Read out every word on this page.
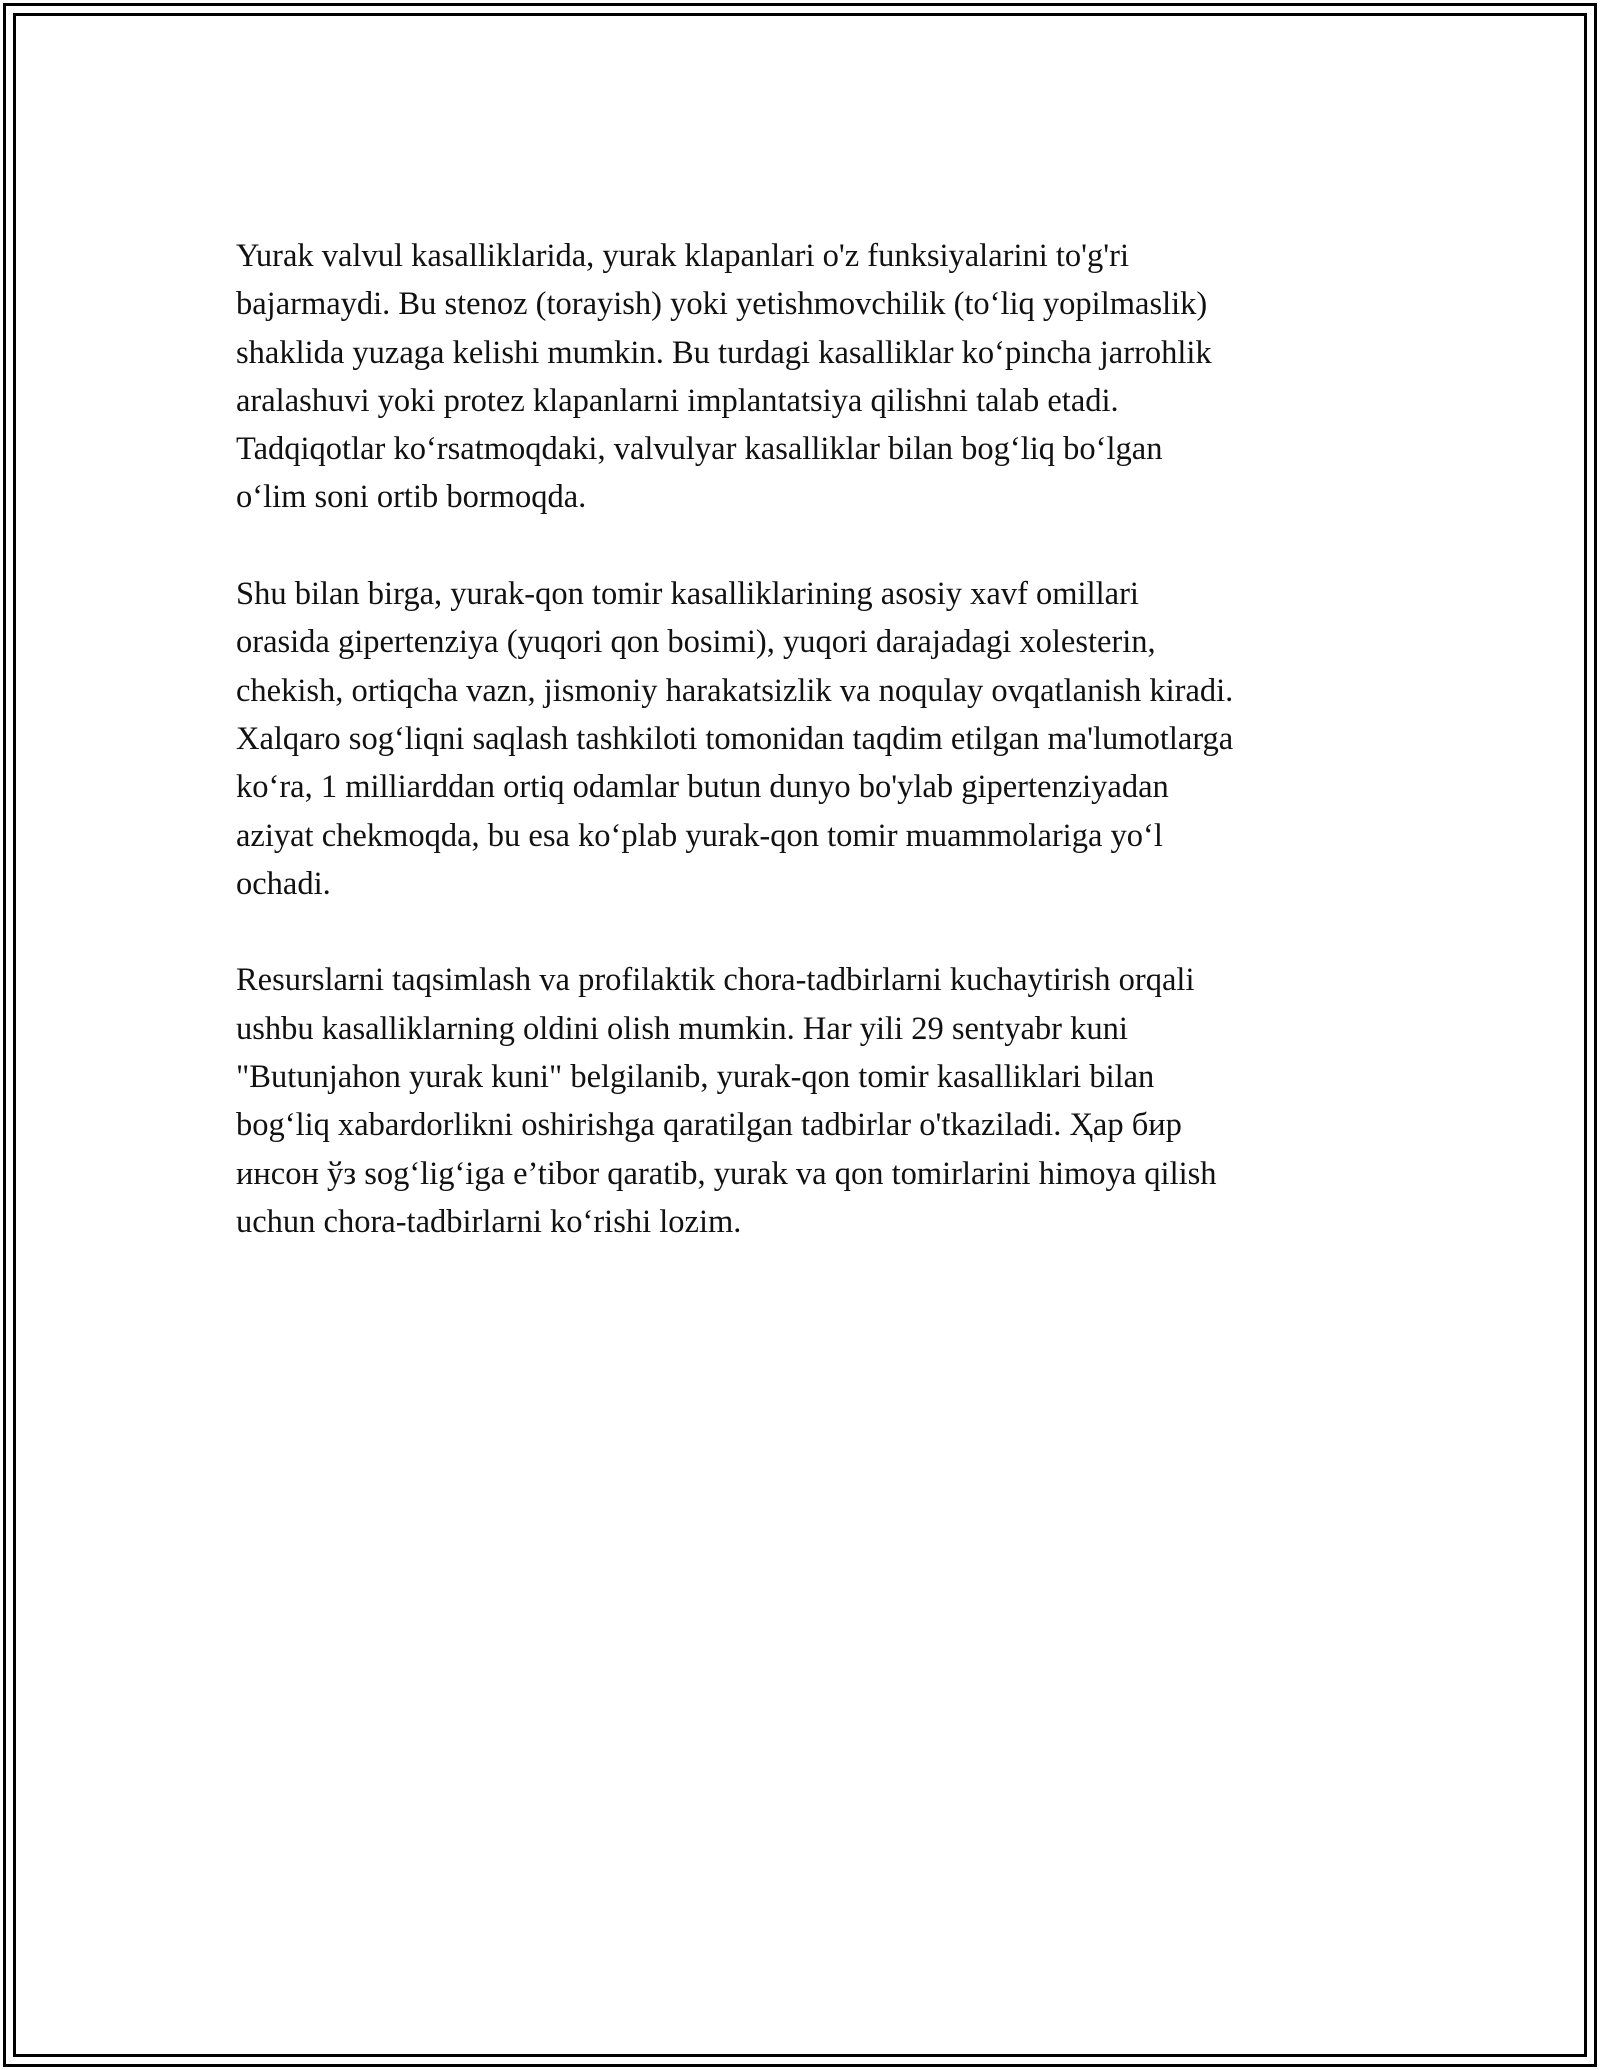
Yurak valvul kasalliklarida, yurak klapanlari o'z funksiyalarini to'g'ri
bajarmaydi. Bu stenoz (torayish) yoki yetishmovchilik (to‘liq yopilmaslik)
shaklida yuzaga kelishi mumkin. Bu turdagi kasalliklar ko‘pincha jarrohlik
aralashuvi yoki protez klapanlarni implantatsiya qilishni talab etadi.
Tadqiqotlar ko‘rsatmoqdaki, valvulyar kasalliklar bilan bog‘liq bo‘lgan
o‘lim soni ortib bormoqda.

Shu bilan birga, yurak-qon tomir kasalliklarining asosiy xavf omillari
orasida gipertenziya (yuqori qon bosimi), yuqori darajadagi xolesterin,
chekish, ortiqcha vazn, jismoniy harakatsizlik va noqulay ovqatlanish kiradi.
Xalqaro sog‘liqni saqlash tashkiloti tomonidan taqdim etilgan ma'lumotlarga
ko‘ra, 1 milliarddan ortiq odamlar butun dunyo bo'ylab gipertenziyadan
aziyat chekmoqda, bu esa ko‘plab yurak-qon tomir muammolariga yo‘l
ochadi.

Resurslarni taqsimlash va profilaktik chora-tadbirlarni kuchaytirish orqali
ushbu kasalliklarning oldini olish mumkin. Har yili 29 sentyabr kuni
"Butunjahon yurak kuni" belgilanib, yurak-qon tomir kasalliklari bilan
bog‘liq xabardorlikni oshirishga qaratilgan tadbirlar o'tkaziladi. Ҳар бир
инсон ўз sog‘lig‘iga e’tibor qaratib, yurak va qon tomirlarini himoya qilish
uchun chora-tadbirlarni ko‘rishi lozim.
